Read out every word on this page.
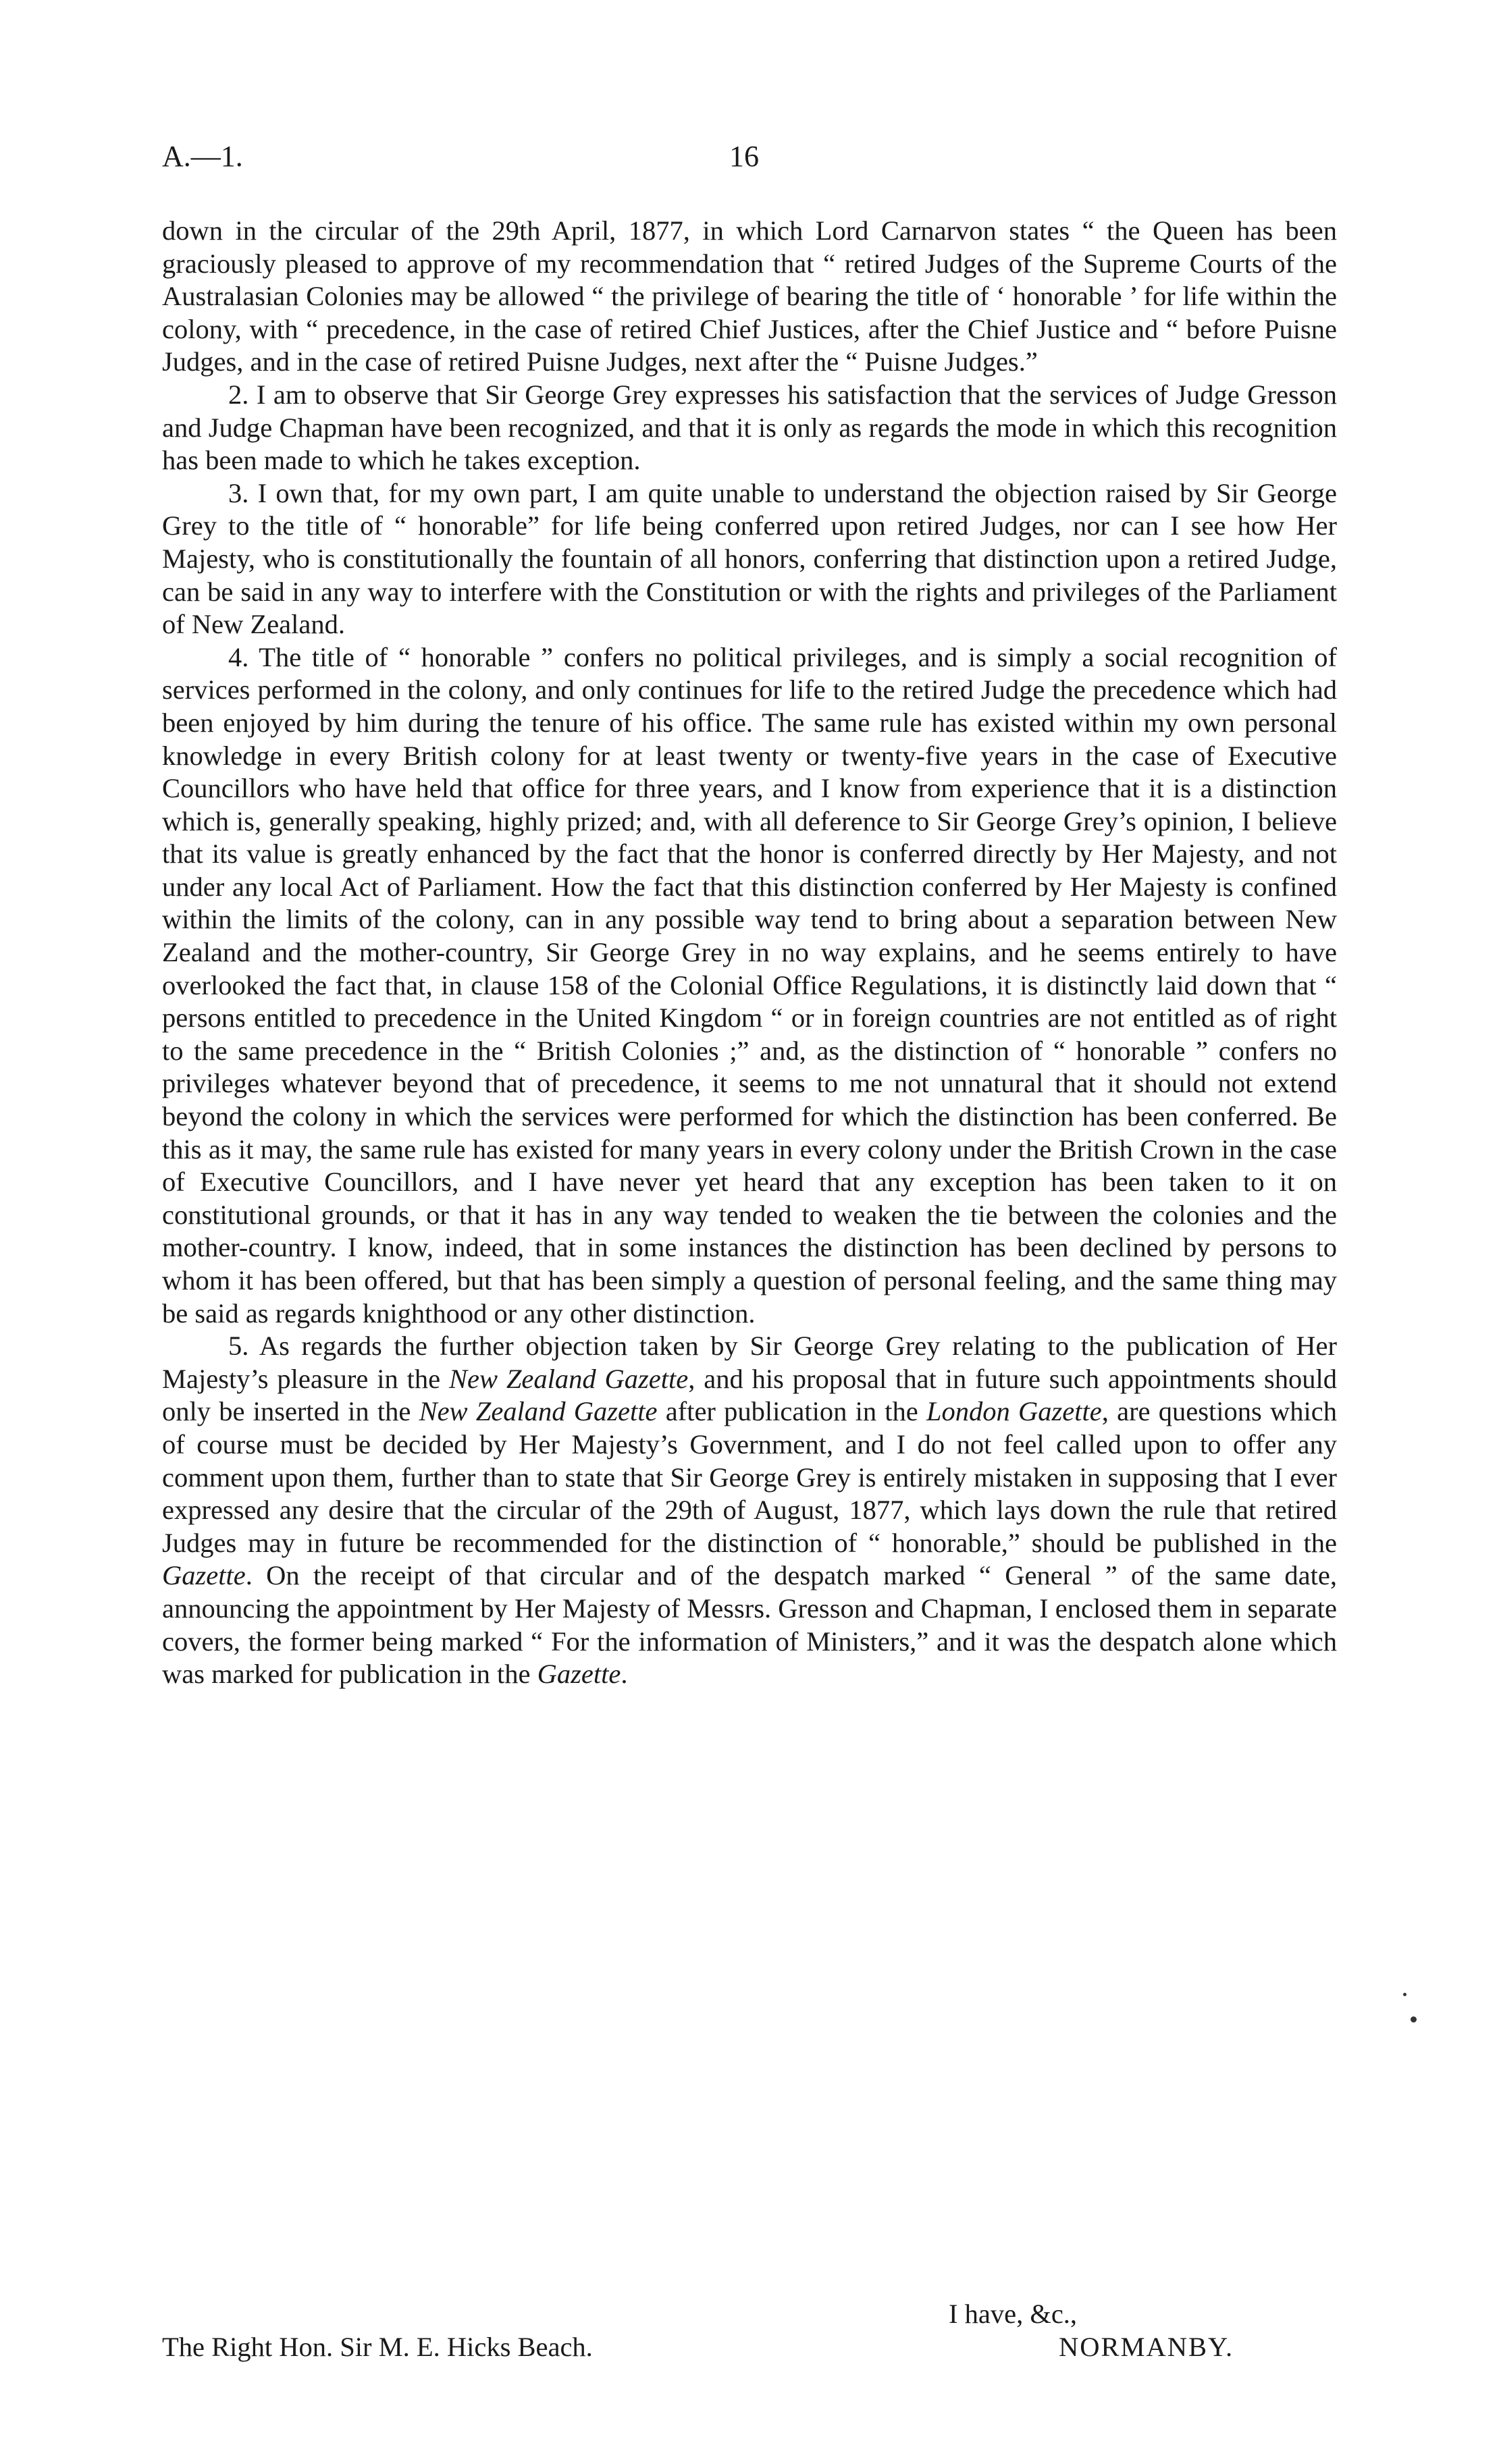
A.—1.	16

down in the circular of the 29th April, 1877, in which Lord Carnarvon states “ the Queen has been graciously pleased to approve of my recommendation that “ retired Judges of the Supreme Courts of the Australasian Colonies may be allowed “ the privilege of bearing the title of ‘ honorable ’ for life within the colony, with “ precedence, in the case of retired Chief Justices, after the Chief Justice and “ before Puisne Judges, and in the case of retired Puisne Judges, next after the “ Puisne Judges.”

2. I am to observe that Sir George Grey expresses his satisfaction that the services of Judge Gresson and Judge Chapman have been recognized, and that it is only as regards the mode in which this recognition has been made to which he takes exception.

3. I own that, for my own part, I am quite unable to understand the objection raised by Sir George Grey to the title of “ honorable” for life being conferred upon retired Judges, nor can I see how Her Majesty, who is constitutionally the fountain of all honors, conferring that distinction upon a retired Judge, can be said in any way to interfere with the Constitution or with the rights and privileges of the Parliament of New Zealand.

4. The title of “ honorable ” confers no political privileges, and is simply a social recognition of services performed in the colony, and only continues for life to the retired Judge the precedence which had been enjoyed by him during the tenure of his office. The same rule has existed within my own personal knowledge in every British colony for at least twenty or twenty-five years in the case of Executive Councillors who have held that office for three years, and I know from experience that it is a distinction which is, generally speaking, highly prized; and, with all deference to Sir George Grey’s opinion, I believe that its value is greatly enhanced by the fact that the honor is conferred directly by Her Majesty, and not under any local Act of Parliament. How the fact that this distinction conferred by Her Majesty is confined within the limits of the colony, can in any possible way tend to bring about a separation between New Zealand and the mother-country, Sir George Grey in no way explains, and he seems entirely to have overlooked the fact that, in clause 158 of the Colonial Office Regulations, it is distinctly laid down that “ persons entitled to precedence in the United Kingdom “ or in foreign countries are not entitled as of right to the same precedence in the “ British Colonies ;” and, as the distinction of “ honorable ” confers no privileges whatever beyond that of precedence, it seems to me not unnatural that it should not extend beyond the colony in which the services were performed for which the distinction has been conferred. Be this as it may, the same rule has existed for many years in every colony under the British Crown in the case of Executive Councillors, and I have never yet heard that any exception has been taken to it on constitutional grounds, or that it has in any way tended to weaken the tie between the colonies and the mother-country. I know, indeed, that in some instances the distinction has been declined by persons to whom it has been offered, but that has been simply a question of personal feeling, and the same thing may be said as regards knighthood or any other distinction.

5. As regards the further objection taken by Sir George Grey relating to the publication of Her Majesty’s pleasure in the New Zealand Gazette, and his proposal that in future such appointments should only be inserted in the New Zealand Gazette after publication in the London Gazette, are questions which of course must be decided by Her Majesty’s Government, and I do not feel called upon to offer any comment upon them, further than to state that Sir George Grey is entirely mistaken in supposing that I ever expressed any desire that the circular of the 29th of August, 1877, which lays down the rule that retired Judges may in future be recommended for the distinction of “ honorable,” should be published in the Gazette. On the receipt of that circular and of the despatch marked “ General ” of the same date, announcing the appointment by Her Majesty of Messrs. Gresson and Chapman, I enclosed them in separate covers, the former being marked “ For the information of Ministers,” and it was the despatch alone which was marked for publication in the Gazette.

I have, &c.,
The Right Hon. Sir M. E. Hicks Beach.	NORMANBY.
